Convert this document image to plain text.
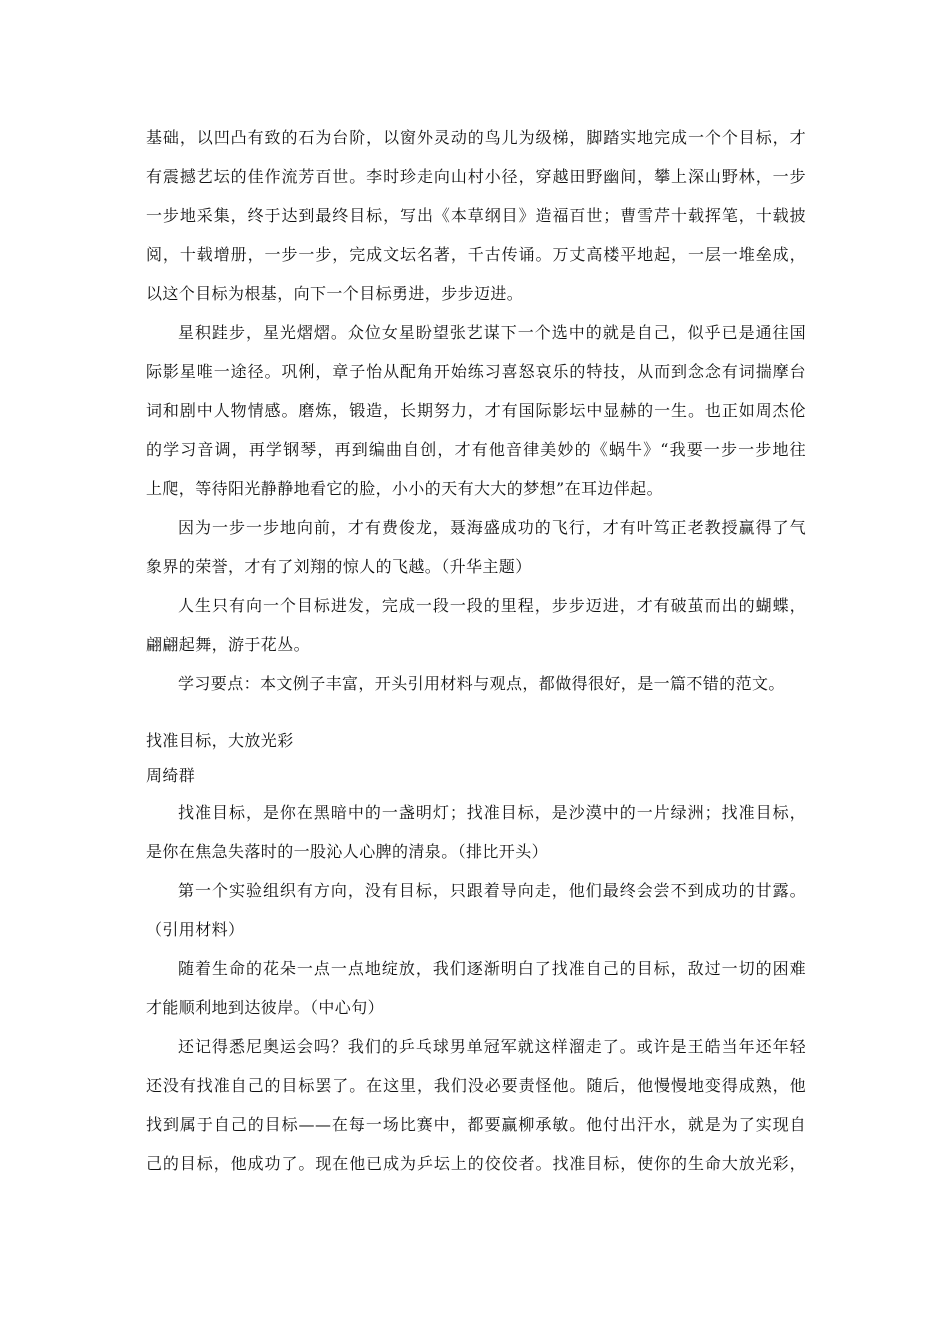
基础，以凹凸有致的石为台阶，以窗外灵动的鸟儿为级梯，脚踏实地完成一个个目标，才
有震撼艺坛的佳作流芳百世。李时珍走向山村小径，穿越田野幽间，攀上深山野林，一步
一步地采集，终于达到最终目标，写出《本草纲目》造福百世；曹雪芹十载挥笔，十载披
阅，十载增册，一步一步，完成文坛名著，千古传诵。万丈高楼平地起，一层一堆垒成，
以这个目标为根基，向下一个目标勇进，步步迈进。
星积跬步，星光熠熠。众位女星盼望张艺谋下一个选中的就是自己，似乎已是通往国
际影星唯一途径。巩俐，章子怡从配角开始练习喜怒哀乐的特技，从而到念念有词揣摩台
词和剧中人物情感。磨炼，锻造，长期努力，才有国际影坛中显赫的一生。也正如周杰伦
的学习音调，再学钢琴，再到编曲自创，才有他音律美妙的《蜗牛》“我要一步一步地往
上爬，等待阳光静静地看它的脸，小小的天有大大的梦想”在耳边伴起。
因为一步一步地向前，才有费俊龙，聂海盛成功的飞行，才有叶笃正老教授赢得了气
象界的荣誉，才有了刘翔的惊人的飞越。（升华主题）
人生只有向一个目标进发，完成一段一段的里程，步步迈进，才有破茧而出的蝴蝶，
翩翩起舞，游于花丛。
学习要点：本文例子丰富，开头引用材料与观点，都做得很好，是一篇不错的范文。
找准目标，大放光彩
周绮群
找准目标，是你在黑暗中的一盏明灯；找准目标，是沙漠中的一片绿洲；找准目标，
是你在焦急失落时的一股沁人心脾的清泉。（排比开头）
第一个实验组织有方向，没有目标，只跟着导向走，他们最终会尝不到成功的甘露。
（引用材料）
随着生命的花朵一点一点地绽放，我们逐渐明白了找准自己的目标，敌过一切的困难
才能顺利地到达彼岸。（中心句）
还记得悉尼奥运会吗？我们的乒乓球男单冠军就这样溜走了。或许是王皓当年还年轻
还没有找准自己的目标罢了。在这里，我们没必要责怪他。随后，他慢慢地变得成熟，他
找到属于自己的目标——在每一场比赛中，都要赢柳承敏。他付出汗水，就是为了实现自
己的目标，他成功了。现在他已成为乒坛上的佼佼者。找准目标，使你的生命大放光彩，
